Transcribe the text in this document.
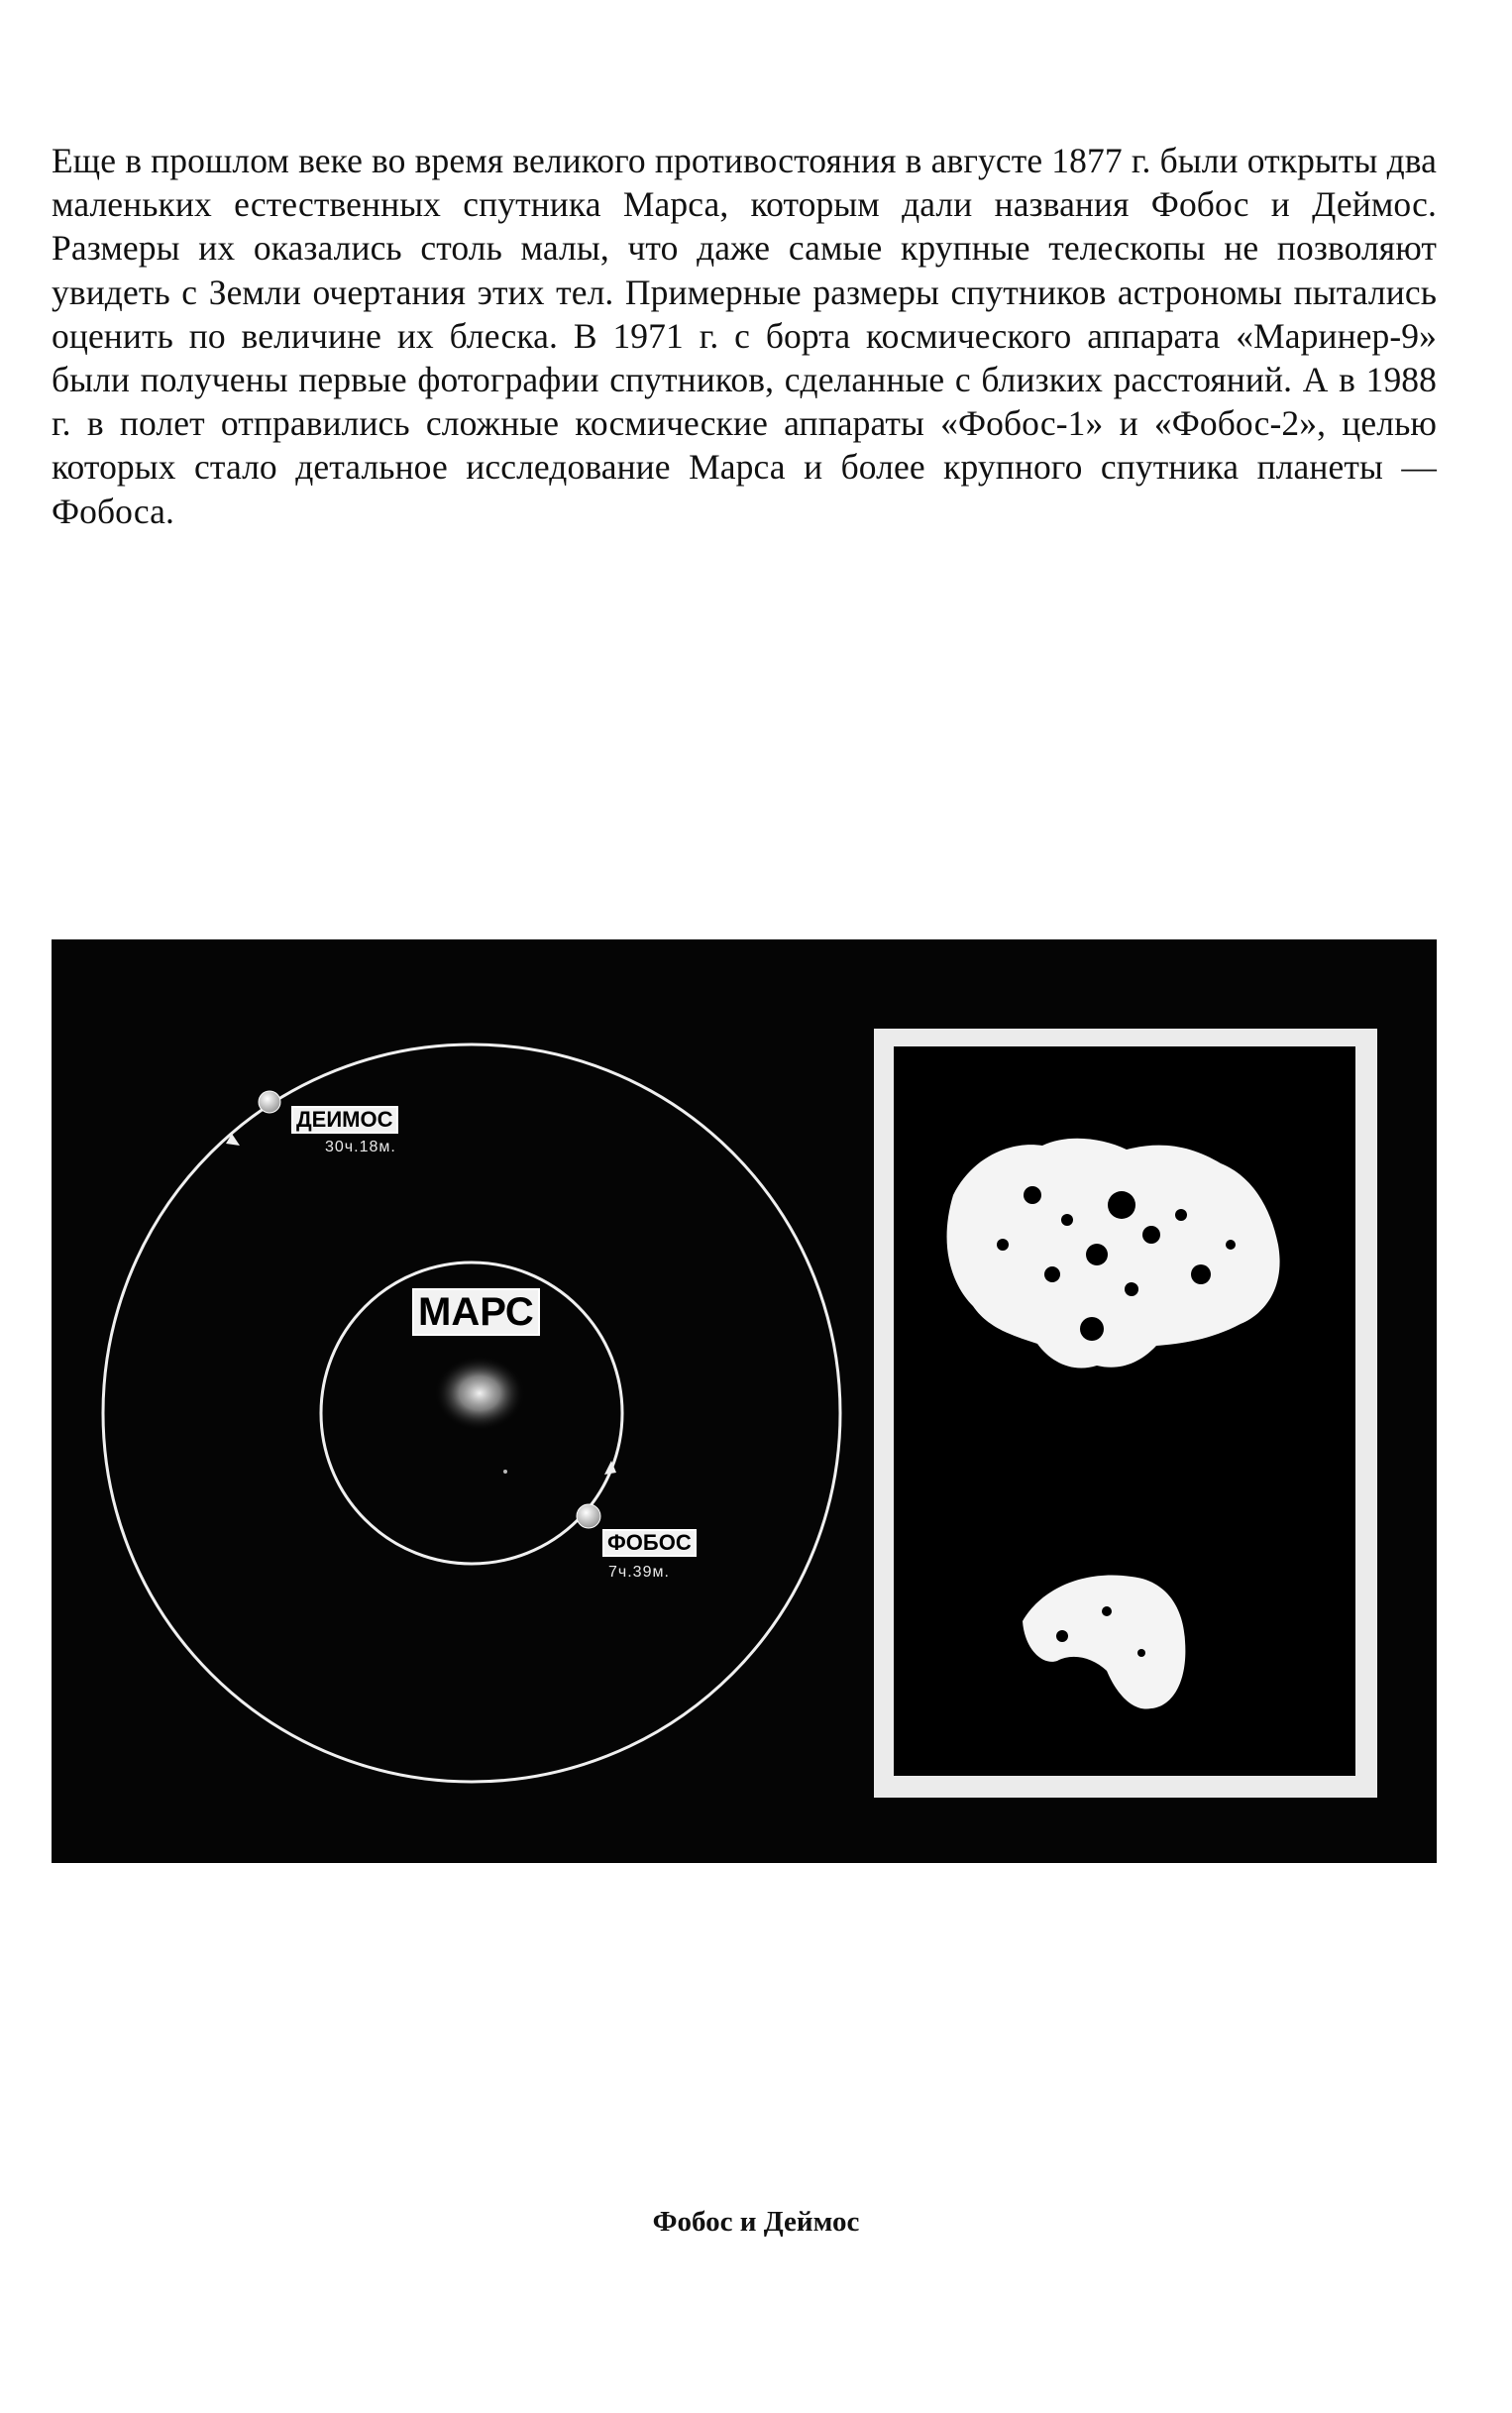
Еще в прошлом веке во время великого противостояния в августе 1877 г. были открыты два маленьких естественных спутника Марса, которым дали названия Фобос и Деймос. Размеры их оказались столь малы, что даже самые крупные телескопы не позволяют увидеть с Земли очертания этих тел. Примерные размеры спутников астрономы пытались оценить по величине их блеска. В 1971 г. с борта космического аппарата «Маринер-9» были получены первые фотографии спутников, сделанные с близких расстояний. А в 1988 г. в полет отправились сложные космические аппараты «Фобос-1» и «Фобос-2», целью которых стало детальное исследование Марса и более крупного спутника планеты — Фобоса.

ДЕИМОС
30ч.18м.
МАРС
ФОБОС
7ч.39м.

Фобос и Деймос
